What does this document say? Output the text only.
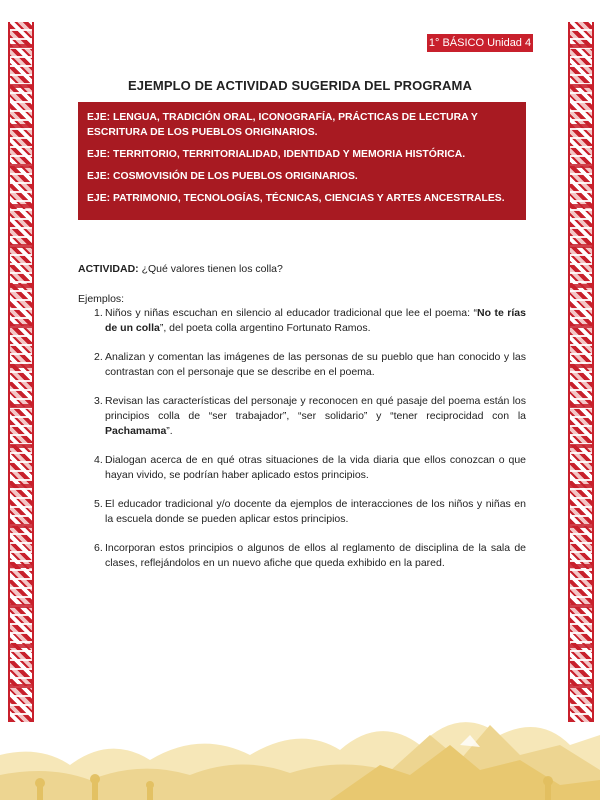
1° BÁSICO Unidad 4
EJEMPLO DE ACTIVIDAD SUGERIDA DEL PROGRAMA

EJE: LENGUA, TRADICIÓN ORAL, ICONOGRAFÍA, PRÁCTICAS DE LECTURA Y ESCRITURA DE LOS PUEBLOS ORIGINARIOS.

EJE: TERRITORIO, TERRITORIALIDAD, IDENTIDAD Y MEMORIA HISTÓRICA.

EJE: COSMOVISIÓN DE LOS PUEBLOS ORIGINARIOS.

EJE: PATRIMONIO, TECNOLOGÍAS, TÉCNICAS, CIENCIAS Y ARTES ANCESTRALES.

ACTIVIDAD: ¿Qué valores tienen los colla?
Ejemplos:
1. Niños y niñas escuchan en silencio al educador tradicional que lee el poema: “No te rías de un colla”, del poeta colla argentino Fortunato Ramos.
2. Analizan y comentan las imágenes de las personas de su pueblo que han conocido y las contrastan con el personaje que se describe en el poema.
3. Revisan las características del personaje y reconocen en qué pasaje del poema están los principios colla de “ser trabajador”, “ser solidario” y “tener reciprocidad con la Pachamama”.
4. Dialogan acerca de en qué otras situaciones de la vida diaria que ellos conozcan o que hayan vivido, se podrían haber aplicado estos principios.
5. El educador tradicional y/o docente da ejemplos de interacciones de los niños y niñas en la escuela donde se pueden aplicar estos principios.
6. Incorporan estos principios o algunos de ellos al reglamento de disciplina de la sala de clases, reflejándolos en un nuevo afiche que queda exhibido en la pared.
